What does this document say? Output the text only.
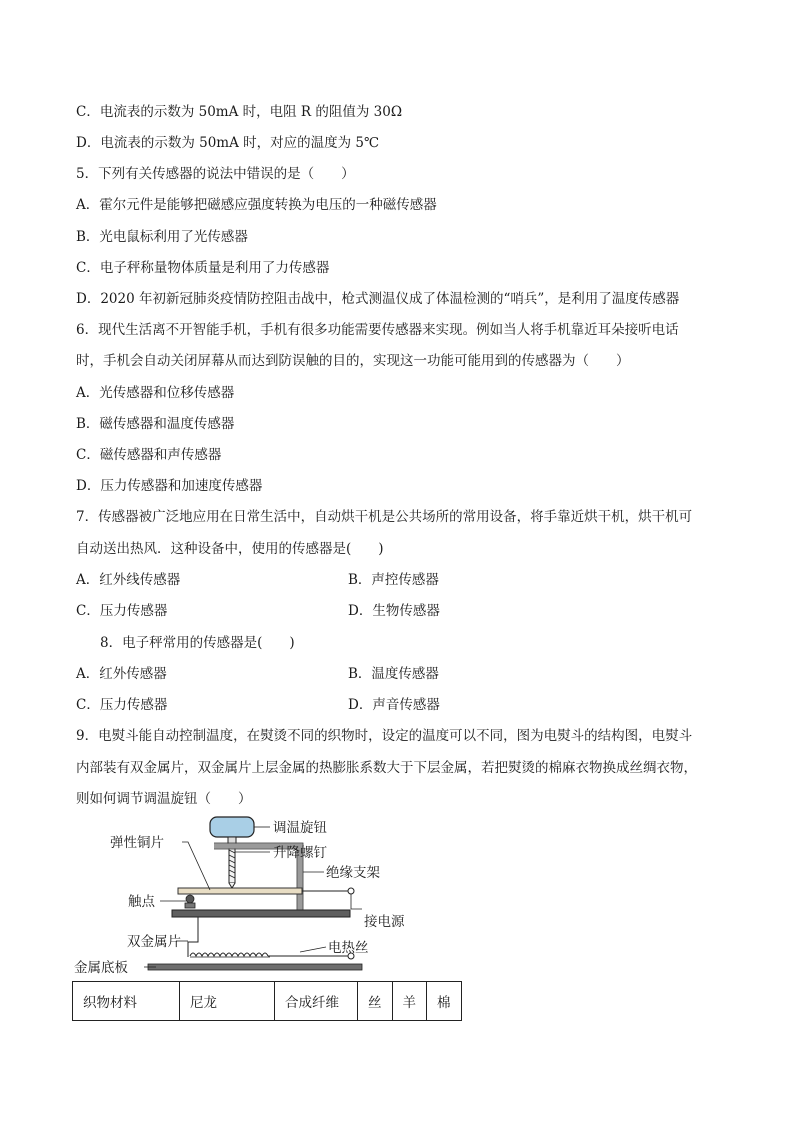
C．电流表的示数为 50mA 时，电阻 R 的阻值为 30Ω
D．电流表的示数为 50mA 时，对应的温度为 5℃
5．下列有关传感器的说法中错误的是（　　）
A．霍尔元件是能够把磁感应强度转换为电压的一种磁传感器
B．光电鼠标利用了光传感器
C．电子秤称量物体质量是利用了力传感器
D．2020 年初新冠肺炎疫情防控阻击战中，枪式测温仪成了体温检测的“哨兵”，是利用了温度传感器
6．现代生活离不开智能手机，手机有很多功能需要传感器来实现。例如当人将手机靠近耳朵接听电话
时，手机会自动关闭屏幕从而达到防误触的目的，实现这一功能可能用到的传感器为（　　）
A．光传感器和位移传感器
B．磁传感器和温度传感器
C．磁传感器和声传感器
D．压力传感器和加速度传感器
7．传感器被广泛地应用在日常生活中，自动烘干机是公共场所的常用设备，将手靠近烘干机，烘干机可
自动送出热风．这种设备中，使用的传感器是(　　)
A．红外线传感器	B．声控传感器
C．压力传感器	D．生物传感器
8．电子秤常用的传感器是(　　)
A．红外传感器	B．温度传感器
C．压力传感器	D．声音传感器
9．电熨斗能自动控制温度，在熨烫不同的织物时，设定的温度可以不同，图为电熨斗的结构图，电熨斗
内部装有双金属片，双金属片上层金属的热膨胀系数大于下层金属，若把熨烫的棉麻衣物换成丝绸衣物，
则如何调节调温旋钮（　　）
调温旋钮
弹性铜片
升降螺钉
绝缘支架
触点
接电源
双金属片	电热丝
金属底板
织物材料	尼龙	合成纤维	丝	羊	棉
